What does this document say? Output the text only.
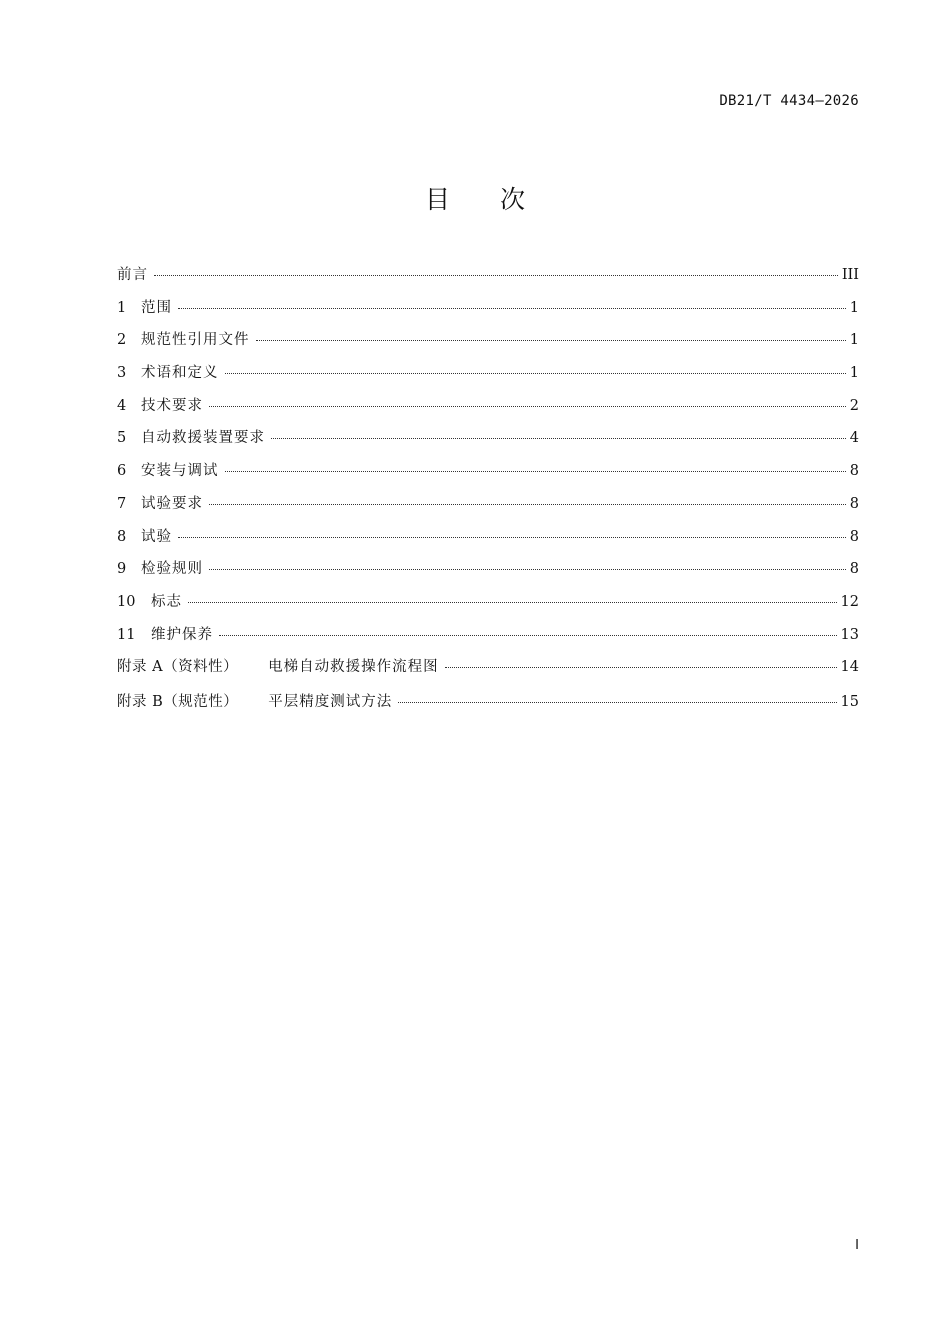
DB21/T 4434—2026
目 次
前言	III
1	范围	1
2	规范性引用文件	1
3	术语和定义	1
4	技术要求	2
5	自动救援装置要求	4
6	安装与调试	8
7	试验要求	8
8	试验	8
9	检验规则	8
10	标志	12
11	维护保养	13
附录 A（资料性） 电梯自动救援操作流程图	14
附录 B（规范性） 平层精度测试方法	15
I
